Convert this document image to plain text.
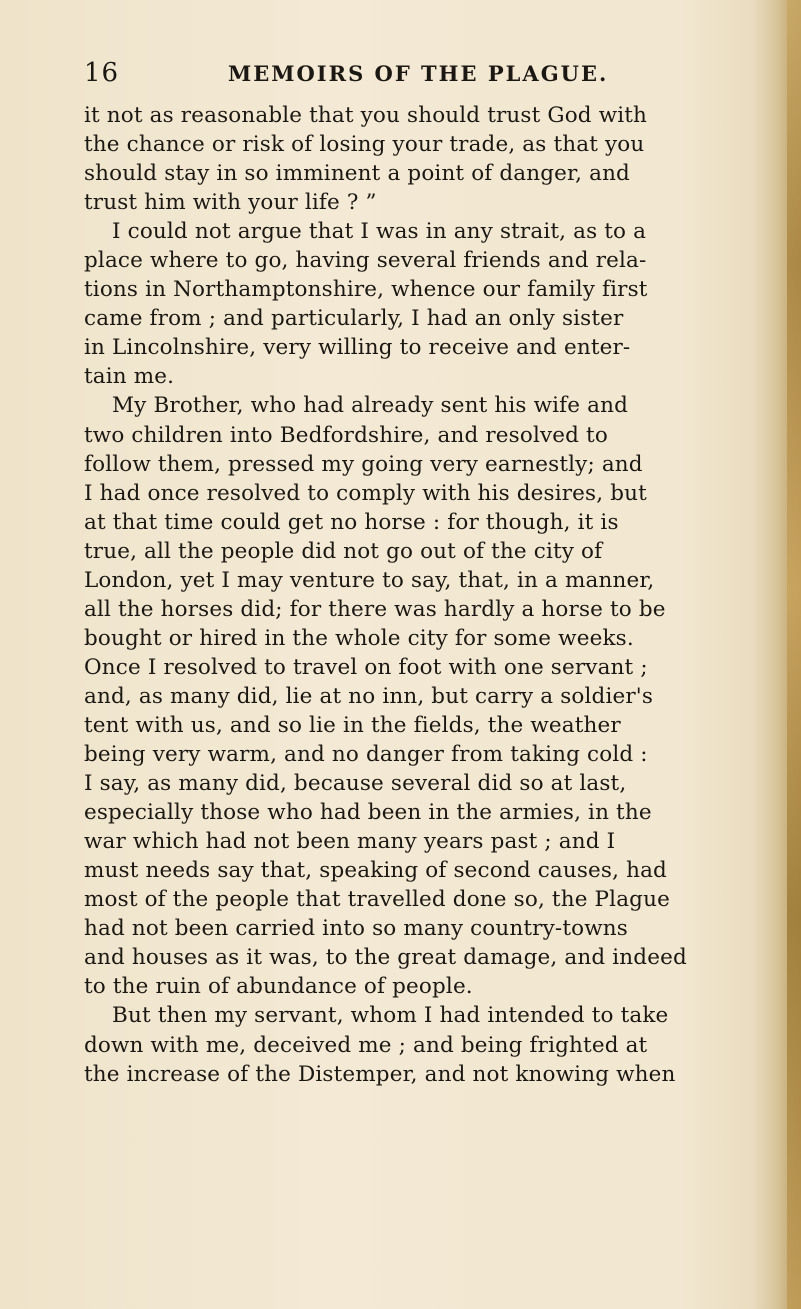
16	MEMOIRS OF THE PLAGUE.
it not as reasonable that you should trust God with
the chance or risk of losing your trade, as that you
should stay in so imminent a point of danger, and
trust him with your life ? ”
I could not argue that I was in any strait, as to a
place where to go, having several friends and rela-
tions in Northamptonshire, whence our family first
came from ; and particularly, I had an only sister
in Lincolnshire, very willing to receive and enter-
tain me.
My Brother, who had already sent his wife and
two children into Bedfordshire, and resolved to
follow them, pressed my going very earnestly; and
I had once resolved to comply with his desires, but
at that time could get no horse : for though, it is
true, all the people did not go out of the city of
London, yet I may venture to say, that, in a manner,
all the horses did; for there was hardly a horse to be
bought or hired in the whole city for some weeks.
Once I resolved to travel on foot with one servant ;
and, as many did, lie at no inn, but carry a soldier's
tent with us, and so lie in the fields, the weather
being very warm, and no danger from taking cold :
I say, as many did, because several did so at last,
especially those who had been in the armies, in the
war which had not been many years past ; and I
must needs say that, speaking of second causes, had
most of the people that travelled done so, the Plague
had not been carried into so many country-towns
and houses as it was, to the great damage, and indeed
to the ruin of abundance of people.
But then my servant, whom I had intended to take
down with me, deceived me ; and being frighted at
the increase of the Distemper, and not knowing when
